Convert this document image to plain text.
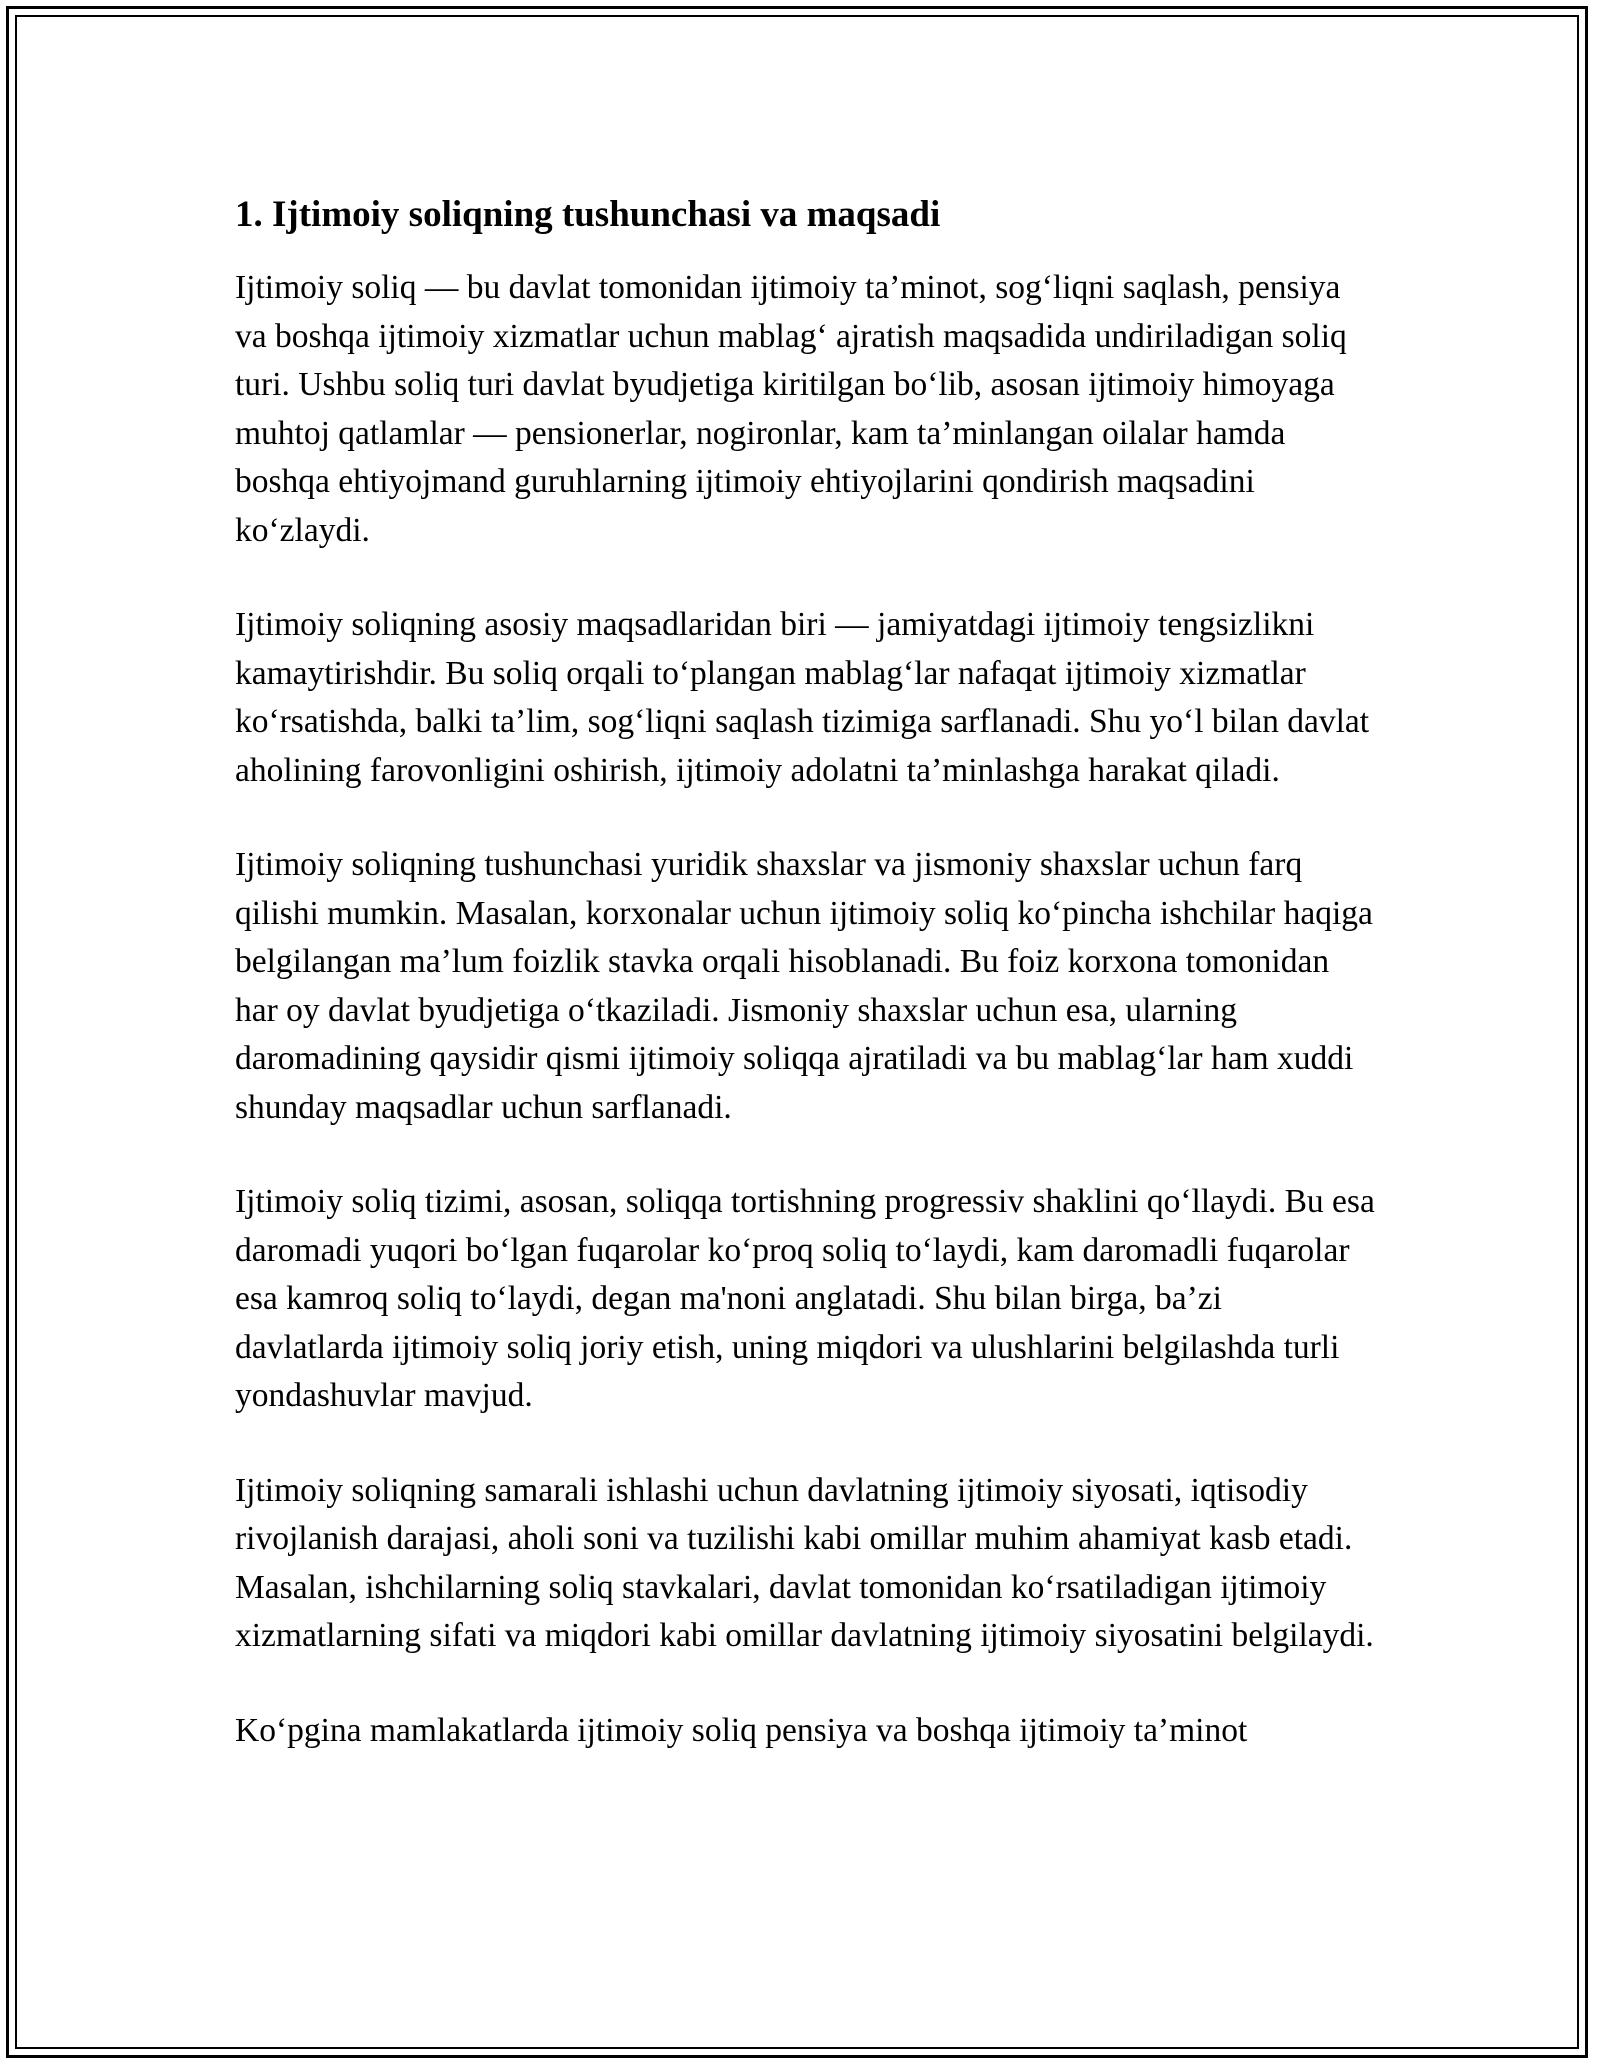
1. Ijtimoiy soliqning tushunchasi va maqsadi

Ijtimoiy soliq — bu davlat tomonidan ijtimoiy ta’minot, sog‘liqni saqlash, pensiya va boshqa ijtimoiy xizmatlar uchun mablag‘ ajratish maqsadida undiriladigan soliq turi. Ushbu soliq turi davlat byudjetiga kiritilgan bo‘lib, asosan ijtimoiy himoyaga muhtoj qatlamlar — pensionerlar, nogironlar, kam ta’minlangan oilalar hamda boshqa ehtiyojmand guruhlarning ijtimoiy ehtiyojlarini qondirish maqsadini ko‘zlaydi.

Ijtimoiy soliqning asosiy maqsadlaridan biri — jamiyatdagi ijtimoiy tengsizlikni kamaytirishdir. Bu soliq orqali to‘plangan mablag‘lar nafaqat ijtimoiy xizmatlar ko‘rsatishda, balki ta’lim, sog‘liqni saqlash tizimiga sarflanadi. Shu yo‘l bilan davlat aholining farovonligini oshirish, ijtimoiy adolatni ta’minlashga harakat qiladi.

Ijtimoiy soliqning tushunchasi yuridik shaxslar va jismoniy shaxslar uchun farq qilishi mumkin. Masalan, korxonalar uchun ijtimoiy soliq ko‘pincha ishchilar haqiga belgilangan ma’lum foizlik stavka orqali hisoblanadi. Bu foiz korxona tomonidan har oy davlat byudjetiga o‘tkaziladi. Jismoniy shaxslar uchun esa, ularning daromadining qaysidir qismi ijtimoiy soliqqa ajratiladi va bu mablag‘lar ham xuddi shunday maqsadlar uchun sarflanadi.

Ijtimoiy soliq tizimi, asosan, soliqqa tortishning progressiv shaklini qo‘llaydi. Bu esa daromadi yuqori bo‘lgan fuqarolar ko‘proq soliq to‘laydi, kam daromadli fuqarolar esa kamroq soliq to‘laydi, degan ma'noni anglatadi. Shu bilan birga, ba’zi davlatlarda ijtimoiy soliq joriy etish, uning miqdori va ulushlarini belgilashda turli yondashuvlar mavjud.

Ijtimoiy soliqning samarali ishlashi uchun davlatning ijtimoiy siyosati, iqtisodiy rivojlanish darajasi, aholi soni va tuzilishi kabi omillar muhim ahamiyat kasb etadi. Masalan, ishchilarning soliq stavkalari, davlat tomonidan ko‘rsatiladigan ijtimoiy xizmatlarning sifati va miqdori kabi omillar davlatning ijtimoiy siyosatini belgilaydi.

Ko‘pgina mamlakatlarda ijtimoiy soliq pensiya va boshqa ijtimoiy ta’minot
